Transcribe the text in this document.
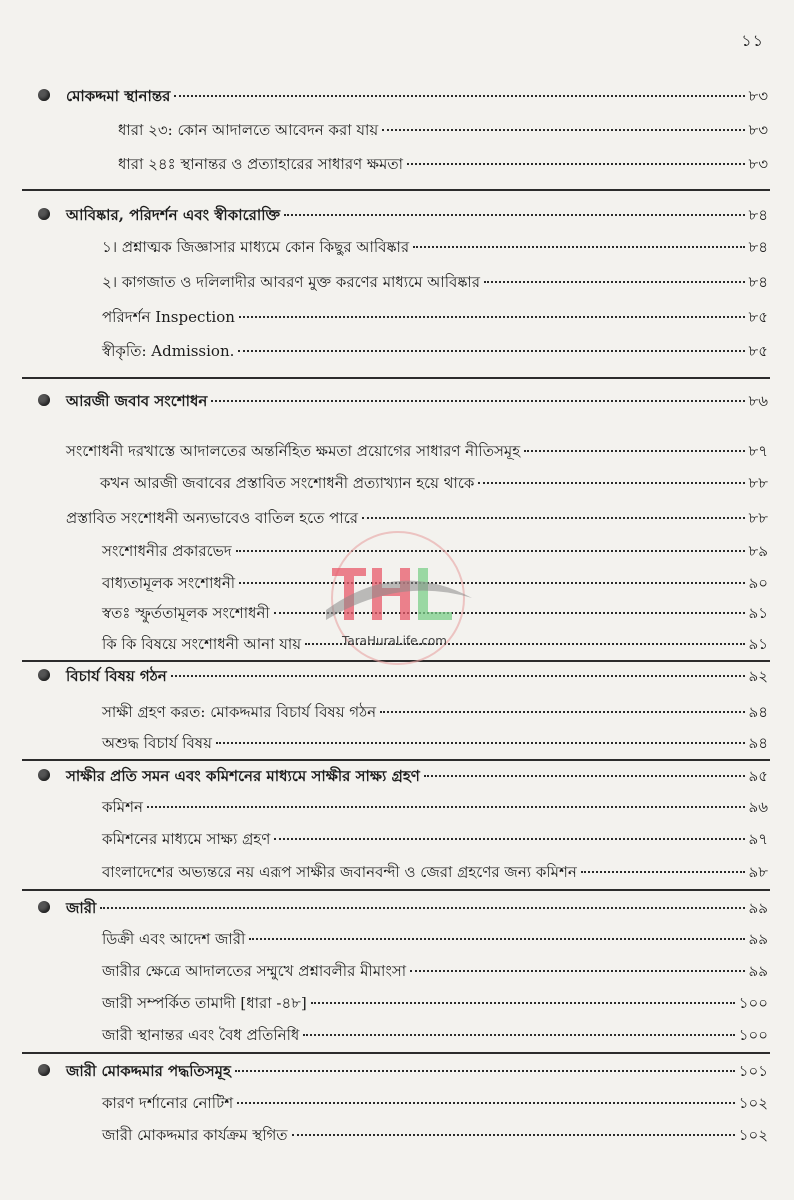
১১
মোকদ্দমা স্থানান্তর	৮৩
ধারা ২৩: কোন আদালতে আবেদন করা যায়	৮৩
ধারা ২৪ঃ স্থানান্তর ও প্রত্যাহারের সাধারণ ক্ষমতা	৮৩
আবিষ্কার, পরিদর্শন এবং স্বীকারোক্তি	৮৪
১। প্রশ্নাত্মক জিজ্ঞাসার মাধ্যমে কোন কিছুর আবিষ্কার	৮৪
২। কাগজাত ও দলিলাদীর আবরণ মুক্ত করণের মাধ্যমে আবিষ্কার	৮৪
পরিদর্শন Inspection	৮৫
স্বীকৃতি: Admission.	৮৫
আরজী জবাব সংশোধন	৮৬
সংশোধনী দরখাস্তে আদালতের অন্তর্নিহিত ক্ষমতা প্রয়োগের সাধারণ নীতিসমূহ	৮৭
কখন আরজী জবাবের প্রস্তাবিত সংশোধনী প্রত্যাখ্যান হয়ে থাকে	৮৮
প্রস্তাবিত সংশোধনী অন্যভাবেও বাতিল হতে পারে	৮৮
সংশোধনীর প্রকারভেদ	৮৯
বাধ্যতামূলক সংশোধনী	৯০
স্বতঃ স্ফুর্ততামূলক সংশোধনী	৯১
কি কি বিষয়ে সংশোধনী আনা যায়	৯১
বিচার্য বিষয় গঠন	৯২
সাক্ষী গ্রহণ করত: মোকদ্দমার বিচার্য বিষয় গঠন	৯৪
অশুদ্ধ বিচার্য বিষয়	৯৪
সাক্ষীর প্রতি সমন এবং কমিশনের মাধ্যমে সাক্ষীর সাক্ষ্য গ্রহণ	৯৫
কমিশন	৯৬
কমিশনের মাধ্যমে সাক্ষ্য গ্রহণ	৯৭
বাংলাদেশের অভ্যন্তরে নয় এরূপ সাক্ষীর জবানবন্দী ও জেরা গ্রহণের জন্য কমিশন	৯৮
জারী	৯৯
ডিক্রী এবং আদেশ জারী	৯৯
জারীর ক্ষেত্রে আদালতের সম্মুখে প্রশ্নাবলীর মীমাংসা	৯৯
জারী সম্পর্কিত তামাদী [ধারা -৪৮]	১০০
জারী স্থানান্তর এবং বৈধ প্রতিনিধি	১০০
জারী মোকদ্দমার পদ্ধতিসমূহ	১০১
কারণ দর্শানোর নোটিশ	১০২
জারী মোকদ্দমার কার্যক্রম স্থগিত	১০২
TaraHuraLife.com
